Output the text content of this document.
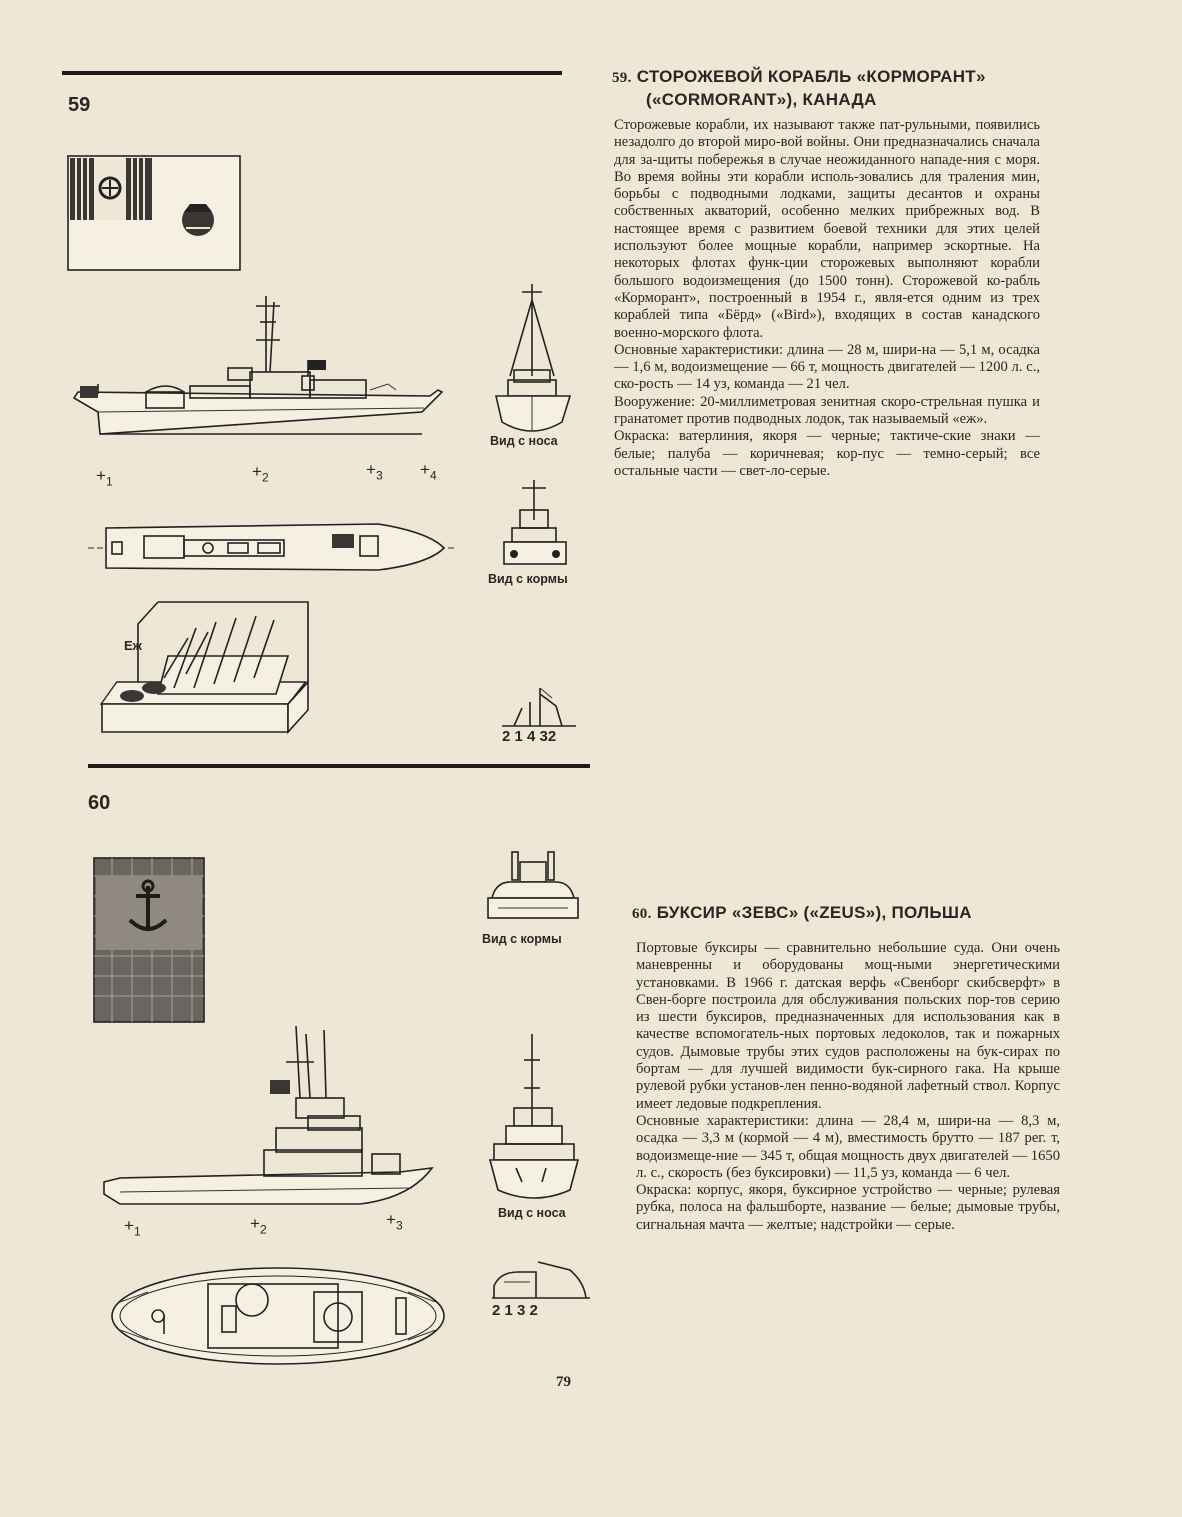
59
59. СТОРОЖЕВОЙ КОРАБЛЬ «КОРМОРАНТ»
(«CORMORANT»), КАНАДА

Сторожевые корабли, их называют также пат-рульными, появились незадолго до второй миро-вой войны. Они предназначались сначала для за-щиты побережья в случае неожиданного нападе-ния с моря. Во время войны эти корабли исполь-зовались для траления мин, борьбы с подводными лодками, защиты десантов и охраны собственных акваторий, особенно мелких прибрежных вод. В настоящее время с развитием боевой техники для этих целей используют более мощные корабли, например эскортные. На некоторых флотах функ-ции сторожевых выполняют корабли большого водоизмещения (до 1500 тонн). Сторожевой ко-рабль «Корморант», построенный в 1954 г., явля-ется одним из трех кораблей типа «Бёрд» («Bird»), входящих в состав канадского военно-морского флота.

Основные характеристики: длина — 28 м, шири-на — 5,1 м, осадка — 1,6 м, водоизмещение — 66 т, мощность двигателей — 1200 л. с., ско-рость — 14 уз, команда — 21 чел.

Вооружение: 20-миллиметровая зенитная скоро-стрельная пушка и гранатомет против подводных лодок, так называемый «еж».

Окраска: ватерлиния, якоря — черные; тактиче-ские знаки — белые; палуба — коричневая; кор-пус — темно-серый; все остальные части — свет-ло-серые.

Вид с носа
$+_1$
$+_2$	$+_3 +_4$
Вид с кормы
Еж
2 1 4 32
60
60. БУКСИР «ЗЕВС» («ZEUS»), ПОЛЬША

Портовые буксиры — сравнительно небольшие суда. Они очень маневренны и оборудованы мощ-ными энергетическими установками. В 1966 г. датская верфь «Свенборг скибсверфт» в Свен-борге построила для обслуживания польских пор-тов серию из шести буксиров, предназначенных для использования как в качестве вспомогатель-ных портовых ледоколов, так и пожарных судов. Дымовые трубы этих судов расположены на бук-сирах по бортам — для лучшей видимости бук-сирного гака. На крыше рулевой рубки установ-лен пенно-водяной лафетный ствол. Корпус имеет ледовые подкрепления.

Основные характеристики: длина — 28,4 м, шири-на — 8,3 м, осадка — 3,3 м (кормой — 4 м), вместимость брутто — 187 рег. т, водоизмеще-ние — 345 т, общая мощность двух двигателей — 1650 л. с., скорость (без буксировки) — 11,5 уз, команда — 6 чел.

Окраска: корпус, якоря, буксирное устройство — черные; рулевая рубка, полоса на фальшборте, название — белые; дымовые трубы, сигнальная мачта — желтые; надстройки — серые.

Вид с кормы
Вид с носа
$+_1$	$+_2$
$+_3$
2 1 3 2
79
